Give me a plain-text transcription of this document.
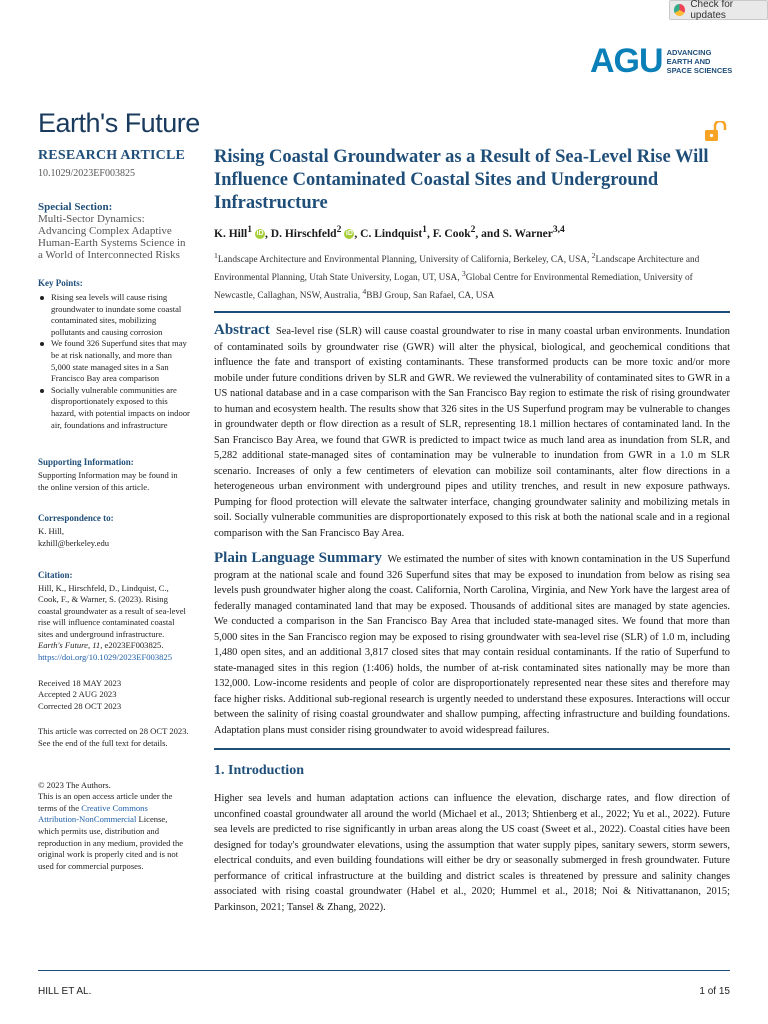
Check for updates
AGU ADVANCING
EARTH AND
SPACE SCIENCES
Earth's Future
RESEARCH ARTICLE
10.1029/2023EF003825
Special Section:
Multi-Sector Dynamics: Advancing Complex Adaptive Human-Earth Systems Science in a World of Interconnected Risks
Key Points:
Rising sea levels will cause rising groundwater to inundate some coastal contaminated sites, mobilizing pollutants and causing corrosion
We found 326 Superfund sites that may be at risk nationally, and more than 5,000 state managed sites in a San Francisco Bay area comparison
Socially vulnerable communities are disproportionately exposed to this hazard, with potential impacts on indoor air, foundations and infrastructure
Supporting Information:
Supporting Information may be found in the online version of this article.
Correspondence to:
K. Hill,
kzhill@berkeley.edu
Citation:
Hill, K., Hirschfeld, D., Lindquist, C., Cook, F., & Warner, S. (2023). Rising coastal groundwater as a result of sea-level rise will influence contaminated coastal sites and underground infrastructure. Earth's Future, 11, e2023EF003825. https://doi.org/10.1029/2023EF003825
Received 18 MAY 2023
Accepted 2 AUG 2023
Corrected 28 OCT 2023
This article was corrected on 28 OCT 2023. See the end of the full text for details.
© 2023 The Authors.
This is an open access article under the terms of the Creative Commons Attribution-NonCommercial License, which permits use, distribution and reproduction in any medium, provided the original work is properly cited and is not used for commercial purposes.
Rising Coastal Groundwater as a Result of Sea-Level Rise Will Influence Contaminated Coastal Sites and Underground Infrastructure
K. Hill$^1$ iD , D. Hirschfeld$^2$ iD , C. Lindquist$^1$, F. Cook$^2$, and S. Warner$^{3,4}$
$^1$Landscape Architecture and Environmental Planning, University of California, Berkeley, CA, USA, $^2$Landscape Architecture and Environmental Planning, Utah State University, Logan, UT, USA, $^3$Global Centre for Environmental Remediation, University of Newcastle, Callaghan, NSW, Australia, $^4$BBJ Group, San Rafael, CA, USA
Abstract Sea-level rise (SLR) will cause coastal groundwater to rise in many coastal urban environments. Inundation of contaminated soils by groundwater rise (GWR) will alter the physical, biological, and geochemical conditions that influence the fate and transport of existing contaminants. These transformed products can be more toxic and/or more mobile under future conditions driven by SLR and GWR. We reviewed the vulnerability of contaminated sites to GWR in a US national database and in a case comparison with the San Francisco Bay region to estimate the risk of rising groundwater to human and ecosystem health. The results show that 326 sites in the US Superfund program may be vulnerable to changes in groundwater depth or flow direction as a result of SLR, representing 18.1 million hectares of contaminated land. In the San Francisco Bay Area, we found that GWR is predicted to impact twice as much land area as inundation from SLR, and 5,282 additional state-managed sites of contamination may be vulnerable to inundation from GWR in a 1.0 m SLR scenario. Increases of only a few centimeters of elevation can mobilize soil contaminants, alter flow directions in a heterogeneous urban environment with underground pipes and utility trenches, and result in new exposure pathways. Pumping for flood protection will elevate the saltwater interface, changing groundwater salinity and mobilizing metals in soil. Socially vulnerable communities are disproportionately exposed to this risk at both the national scale and in a regional comparison with the San Francisco Bay Area.
Plain Language Summary We estimated the number of sites with known contamination in the US Superfund program at the national scale and found 326 Superfund sites that may be exposed to inundation from below as rising sea levels push groundwater higher along the coast. California, North Carolina, Virginia, and New York have the largest area of federally managed contaminated land that may be exposed. Thousands of additional sites are managed by state agencies. We conducted a comparison in the San Francisco Bay Area that included state-managed sites. We found that more than 5,000 sites in the San Francisco region may be exposed to rising groundwater with sea-level rise (SLR) of 1.0 m, including 1,480 open sites, and an additional 3,817 closed sites that may contain residual contaminants. If the ratio of Superfund to state-managed sites in this region (1:406) holds, the number of at-risk contaminated sites nationally may be more than 132,000. Low-income residents and people of color are disproportionately represented near these sites and therefore may face higher risks. Additional sub-regional research is urgently needed to understand these exposures. Interactions will occur between the salinity of rising coastal groundwater and shallow pumping, affecting infrastructure and building foundations. Adaptation plans must consider rising groundwater to avoid widespread failures.
1. Introduction
Higher sea levels and human adaptation actions can influence the elevation, discharge rates, and flow direction of unconfined coastal groundwater all around the world (Michael et al., 2013; Shtienberg et al., 2022; Yu et al., 2022). Future sea levels are predicted to rise significantly in urban areas along the US coast (Sweet et al., 2022). Coastal cities have been designed for today's groundwater elevations, using the assumption that water supply pipes, sanitary sewers, storm sewers, electrical conduits, and even building foundations will either be dry or seasonally submerged in fresh groundwater. Future performance of critical infrastructure at the building and district scales is threatened by pressure and salinity changes associated with rising coastal groundwater (Habel et al., 2020; Hummel et al., 2018; Noi & Nitivattananon, 2015; Parkinson, 2021; Tansel & Zhang, 2022).
HILL ET AL.	1 of 15
